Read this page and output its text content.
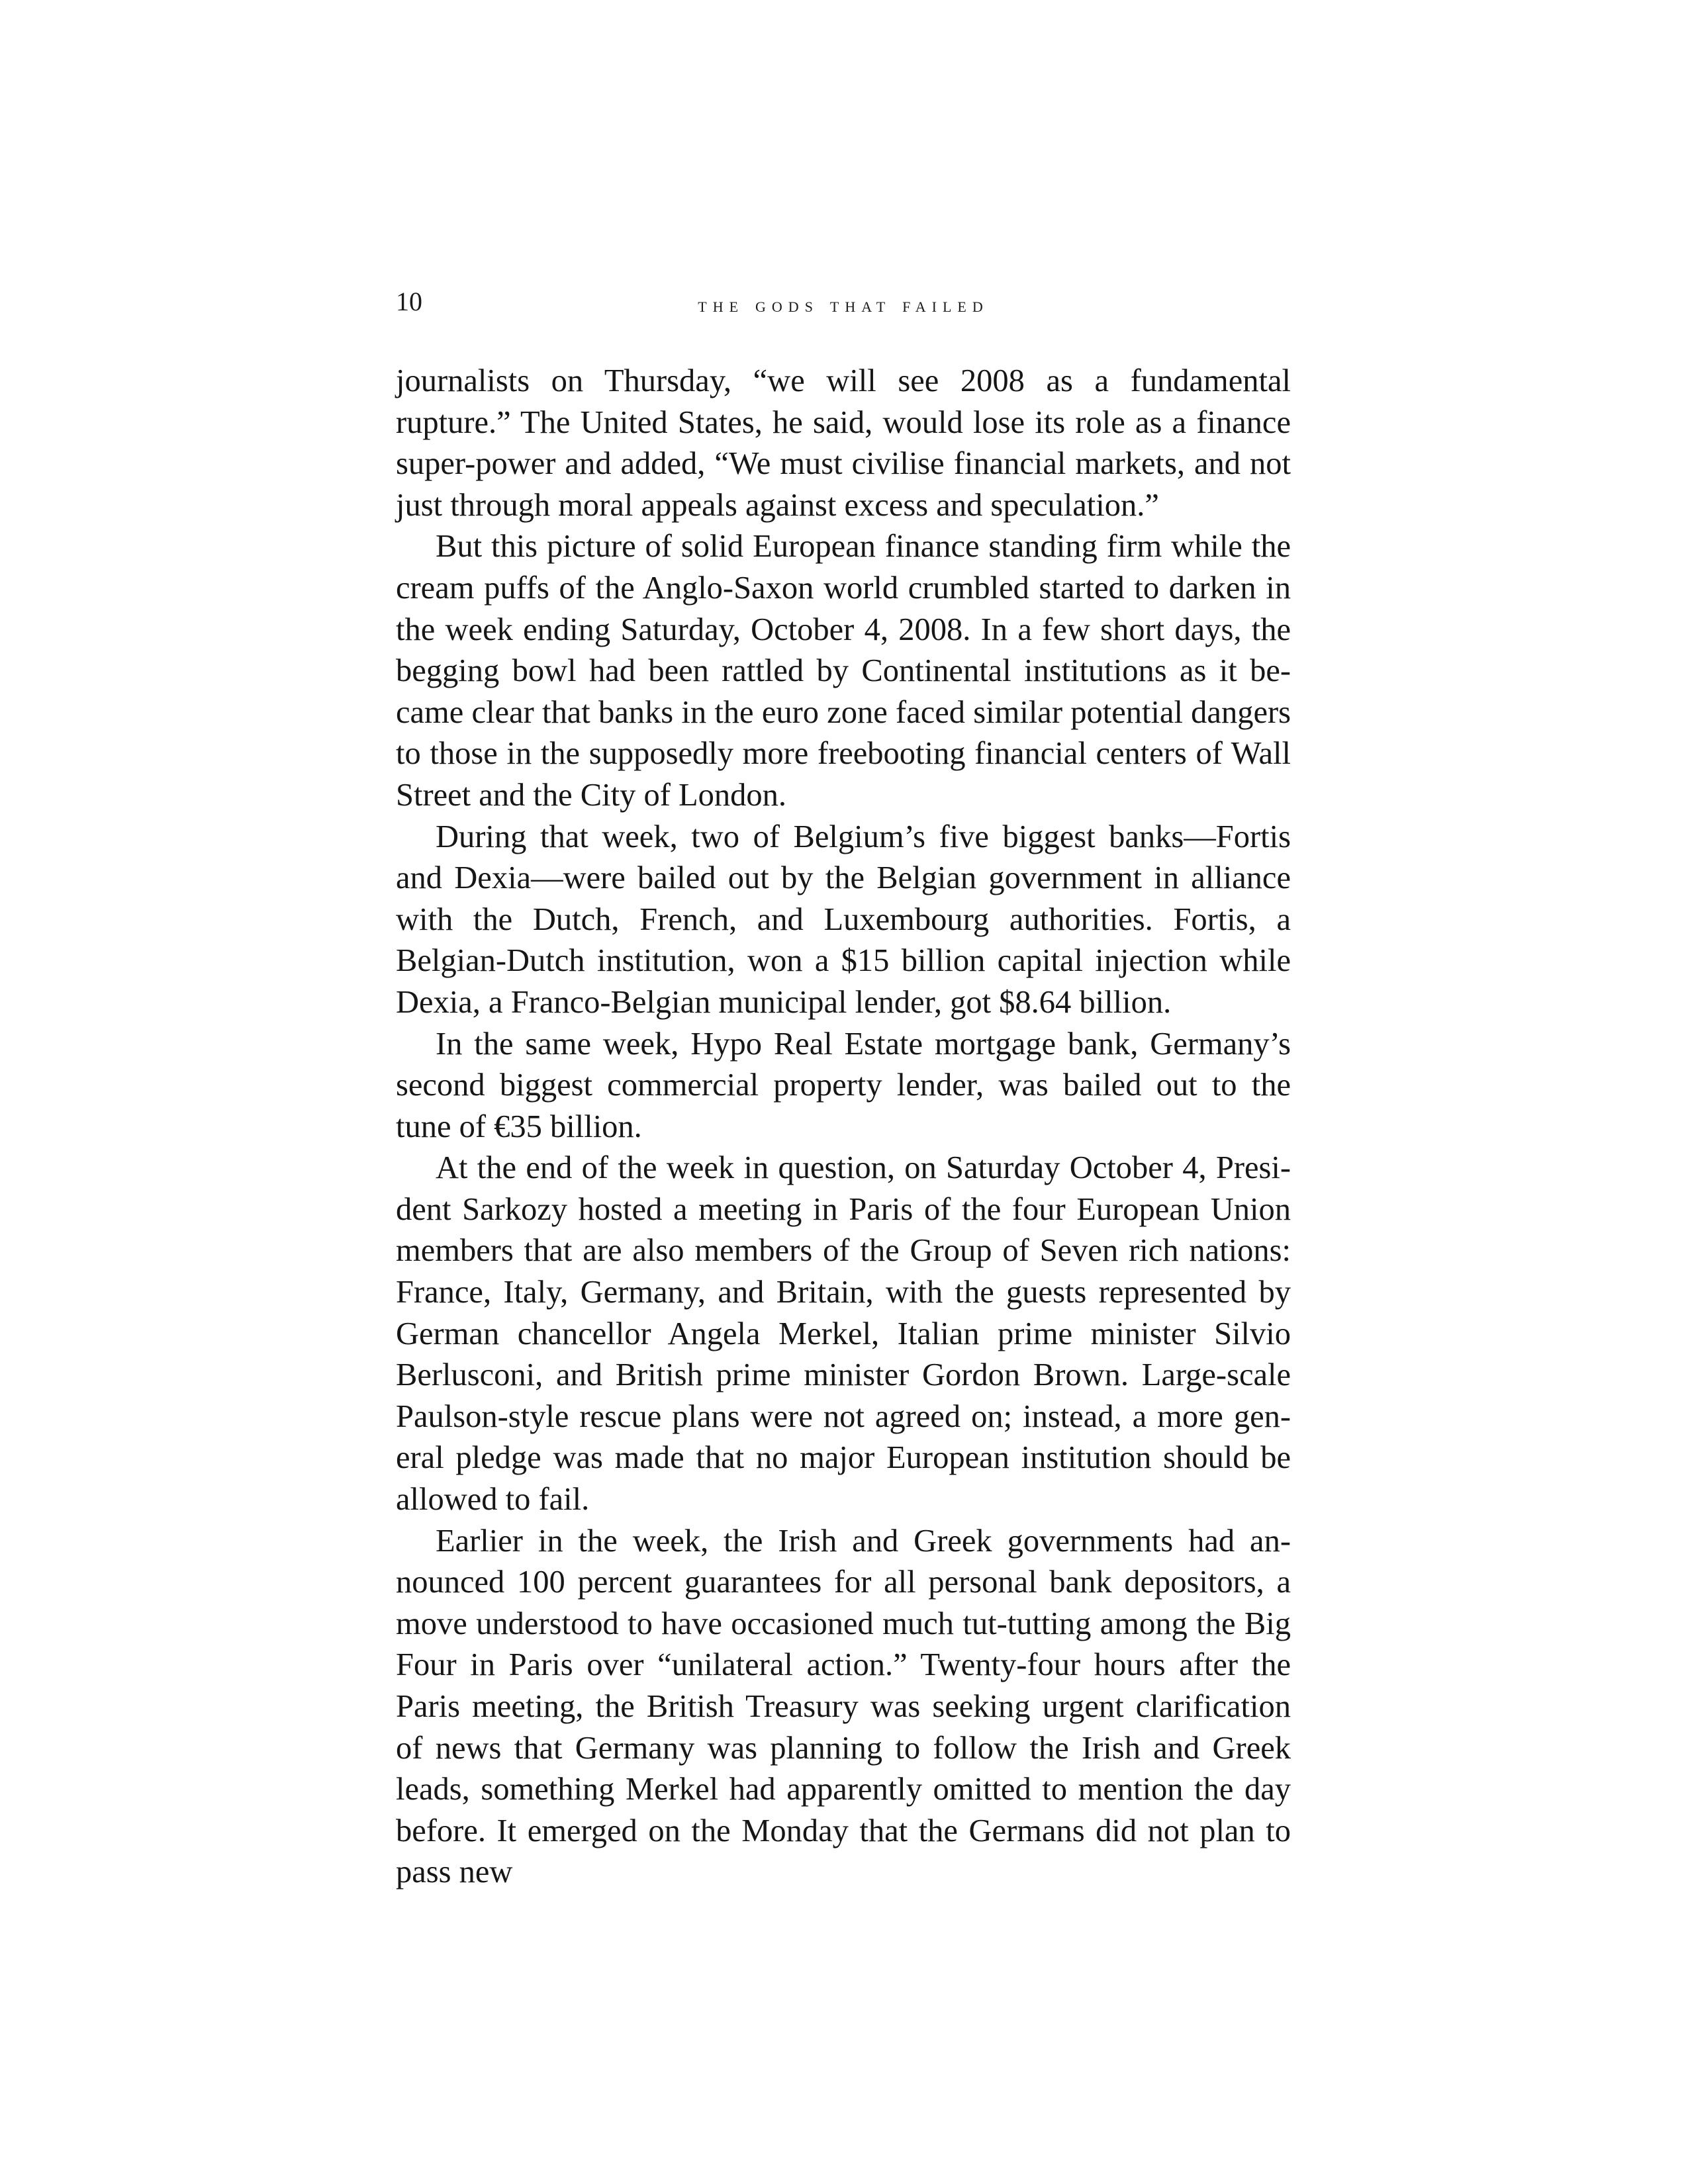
10	the gods that failed

journalists on Thursday, “we will see 2008 as a fundamental rupture.” The United States, he said, would lose its role as a finance super-power and added, “We must civilise financial markets, and not just through moral appeals against excess and speculation.”

But this picture of solid European finance standing firm while the cream puffs of the Anglo-Saxon world crumbled started to darken in the week ending Saturday, October 4, 2008. In a few short days, the begging bowl had been rattled by Continental institutions as it be-came clear that banks in the euro zone faced similar potential dangers to those in the supposedly more freebooting financial centers of Wall Street and the City of London.

During that week, two of Belgium’s five biggest banks—Fortis and Dexia—were bailed out by the Belgian government in alliance with the Dutch, French, and Luxembourg authorities. Fortis, a Belgian-Dutch institution, won a $15 billion capital injection while Dexia, a Franco-Belgian municipal lender, got $8.64 billion.

In the same week, Hypo Real Estate mortgage bank, Germany’s second biggest commercial property lender, was bailed out to the tune of €35 billion.

At the end of the week in question, on Saturday October 4, Presi-dent Sarkozy hosted a meeting in Paris of the four European Union members that are also members of the Group of Seven rich nations: France, Italy, Germany, and Britain, with the guests represented by German chancellor Angela Merkel, Italian prime minister Silvio Berlusconi, and British prime minister Gordon Brown. Large-scale Paulson-style rescue plans were not agreed on; instead, a more gen-eral pledge was made that no major European institution should be allowed to fail.

Earlier in the week, the Irish and Greek governments had an-nounced 100 percent guarantees for all personal bank depositors, a move understood to have occasioned much tut-tutting among the Big Four in Paris over “unilateral action.” Twenty-four hours after the Paris meeting, the British Treasury was seeking urgent clarification of news that Germany was planning to follow the Irish and Greek leads, something Merkel had apparently omitted to mention the day before. It emerged on the Monday that the Germans did not plan to pass new
